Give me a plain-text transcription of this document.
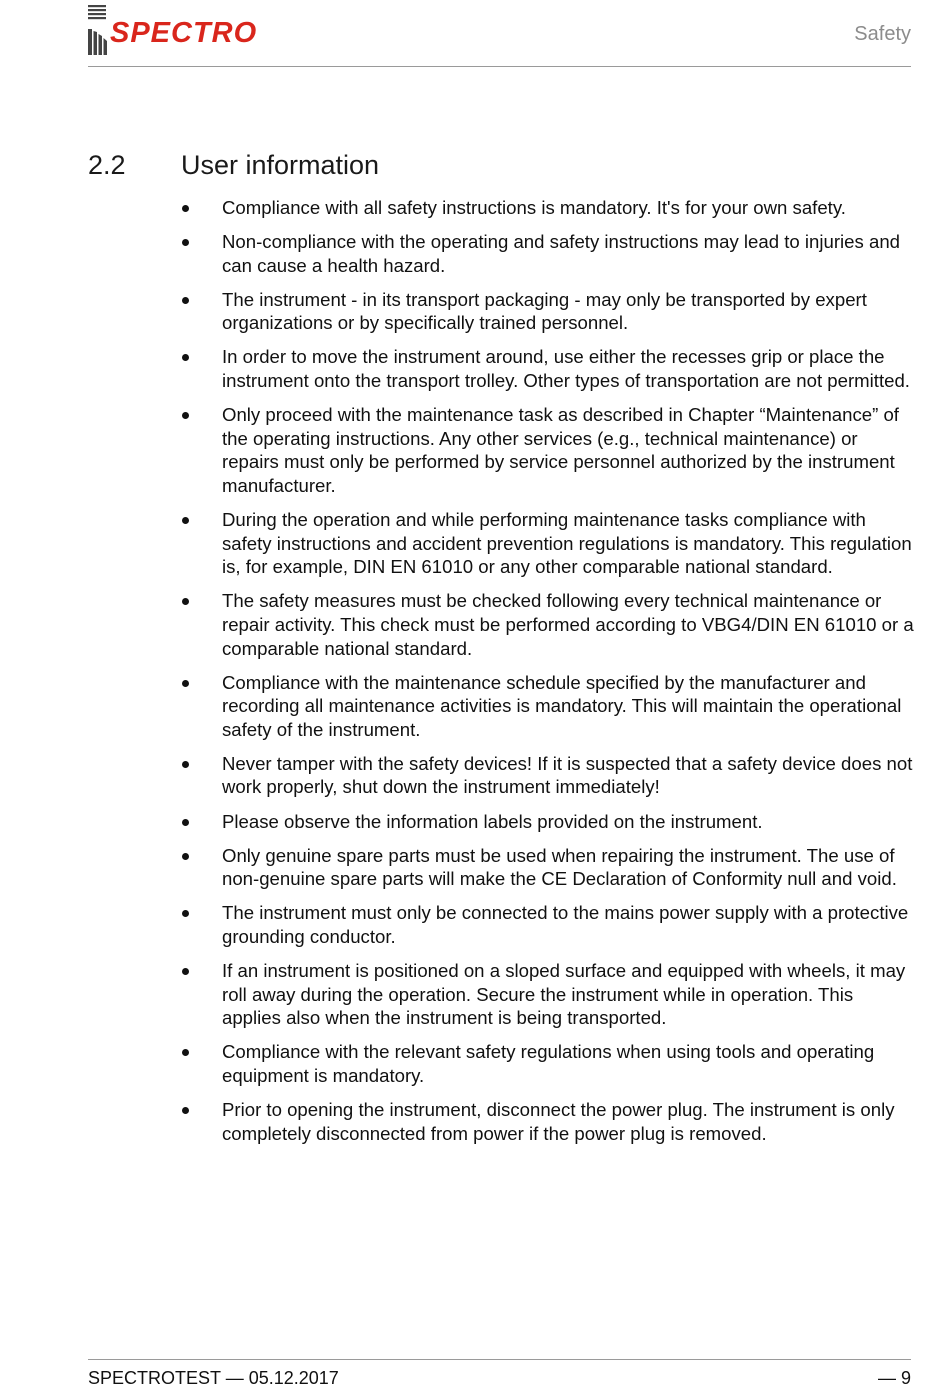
SPECTRO	Safety
2.2 User information
Compliance with all safety instructions is mandatory. It's for your own safety.
Non-compliance with the operating and safety instructions may lead to injuries and can cause a health hazard.
The instrument - in its transport packaging - may only be transported by expert organizations or by specifically trained personnel.
In order to move the instrument around, use either the recesses grip or place the instrument onto the transport trolley. Other types of transportation are not permitted.
Only proceed with the maintenance task as described in Chapter “Maintenance” of the operating instructions. Any other services (e.g., technical maintenance) or repairs must only be performed by service personnel authorized by the instrument manufacturer.
During the operation and while performing maintenance tasks compliance with safety instructions and accident prevention regulations is mandatory. This regulation is, for example, DIN EN 61010 or any other comparable national standard.
The safety measures must be checked following every technical maintenance or repair activity. This check must be performed according to VBG4/DIN EN 61010 or a comparable national standard.
Compliance with the maintenance schedule specified by the manufacturer and recording all maintenance activities is mandatory. This will maintain the operational safety of the instrument.
Never tamper with the safety devices! If it is suspected that a safety device does not work properly, shut down the instrument immediately!
Please observe the information labels provided on the instrument.
Only genuine spare parts must be used when repairing the instrument. The use of non-genuine spare parts will make the CE Declaration of Conformity null and void.
The instrument must only be connected to the mains power supply with a protective grounding conductor.
If an instrument is positioned on a sloped surface and equipped with wheels, it may roll away during the operation. Secure the instrument while in operation. This applies also when the instrument is being transported.
Compliance with the relevant safety regulations when using tools and operating equipment is mandatory.
Prior to opening the instrument, disconnect the power plug. The instrument is only completely disconnected from power if the power plug is removed.
SPECTROTEST — 05.12.2017	— 9
